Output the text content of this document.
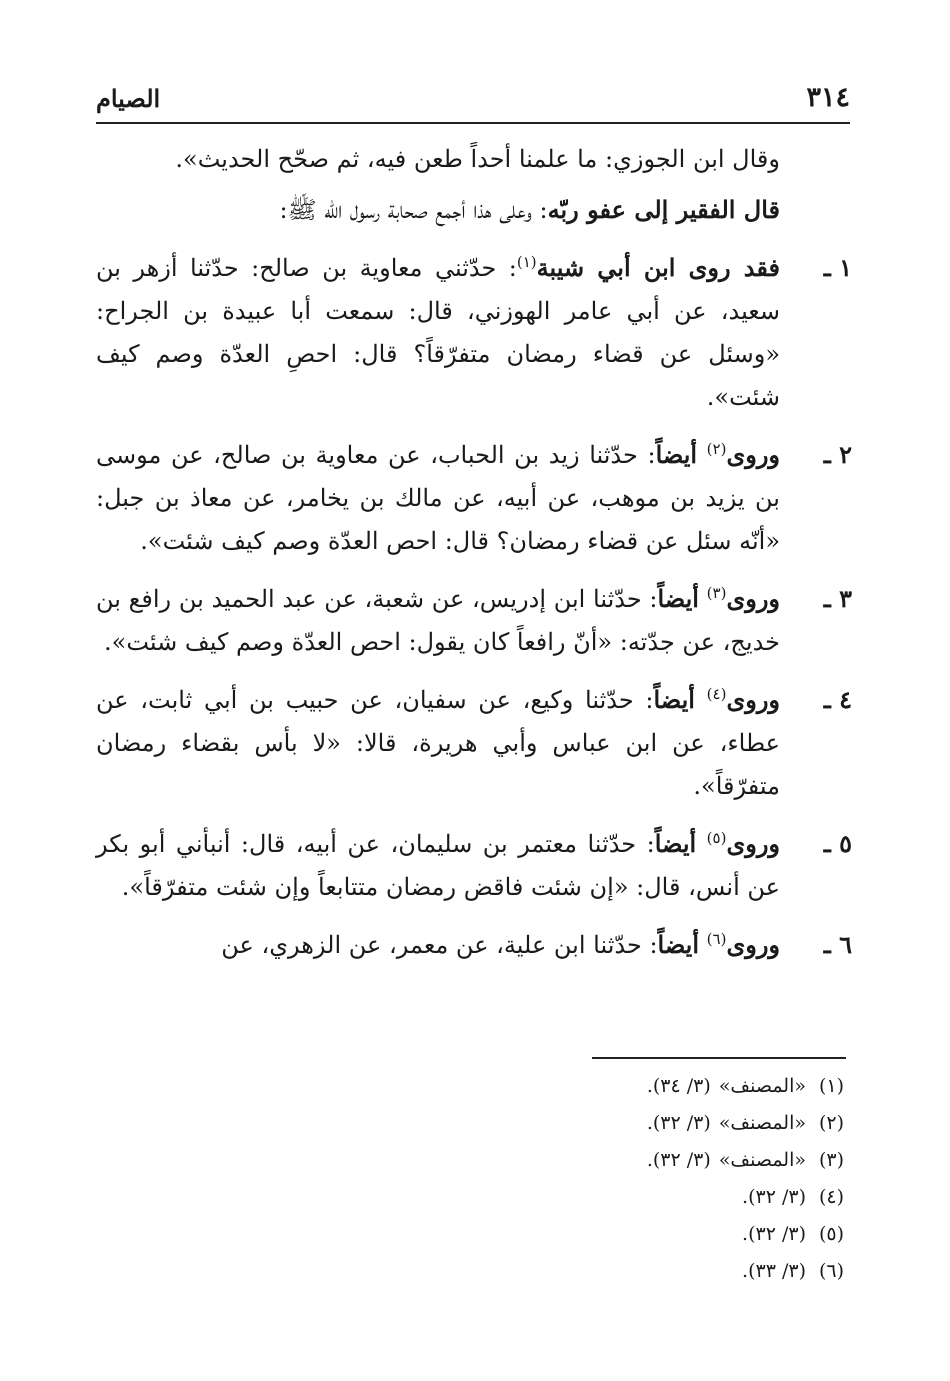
٣١٤
الصيام

وقال ابن الجوزي: ما علمنا أحداً طعن فيه، ثم صحّح الحديث».

قال الفقير إلى عفو ربّه: وعلى هذا أجمع صحابة رسول الله ﷺ:

١ ـ

فقد روى ابن أبي شيبة$^{(١)}$: حدّثني معاوية بن صالح: حدّثنا أزهر بن سعيد، عن أبي عامر الهوزني، قال: سمعت أبا عبيدة بن الجراح: «وسئل عن قضاء رمضان متفرّقاً؟ قال: احصِ العدّة وصم كيف شئت».

٢ ـ

وروى$^{(٢)}$ أيضاً: حدّثنا زيد بن الحباب، عن معاوية بن صالح، عن موسى بن يزيد بن موهب، عن أبيه، عن مالك بن يخامر، عن معاذ بن جبل: «أنّه سئل عن قضاء رمضان؟ قال: احص العدّة وصم كيف شئت».

٣ ـ

وروى$^{(٣)}$ أيضاً: حدّثنا ابن إدريس، عن شعبة، عن عبد الحميد بن رافع بن خديج، عن جدّته: «أنّ رافعاً كان يقول: احص العدّة وصم كيف شئت».

٤ ـ

وروى$^{(٤)}$ أيضاً: حدّثنا وكيع، عن سفيان، عن حبيب بن أبي ثابت، عن عطاء، عن ابن عباس وأبي هريرة، قالا: «لا بأس بقضاء رمضان متفرّقاً».

٥ ـ

وروى$^{(٥)}$ أيضاً: حدّثنا معتمر بن سليمان، عن أبيه، قال: أنبأني أبو بكر عن أنس، قال: «إن شئت فاقض رمضان متتابعاً وإن شئت متفرّقاً».

٦ ـ

وروى$^{(٦)}$ أيضاً: حدّثنا ابن علية، عن معمر، عن الزهري، عن

(١)«المصنف»(٣/ ٣٤).
(٢)«المصنف»(٣/ ٣٢).
(٣)«المصنف»(٣/ ٣٢).
(٤)(٣/ ٣٢).
(٥)(٣/ ٣٢).
(٦)(٣/ ٣٣).
